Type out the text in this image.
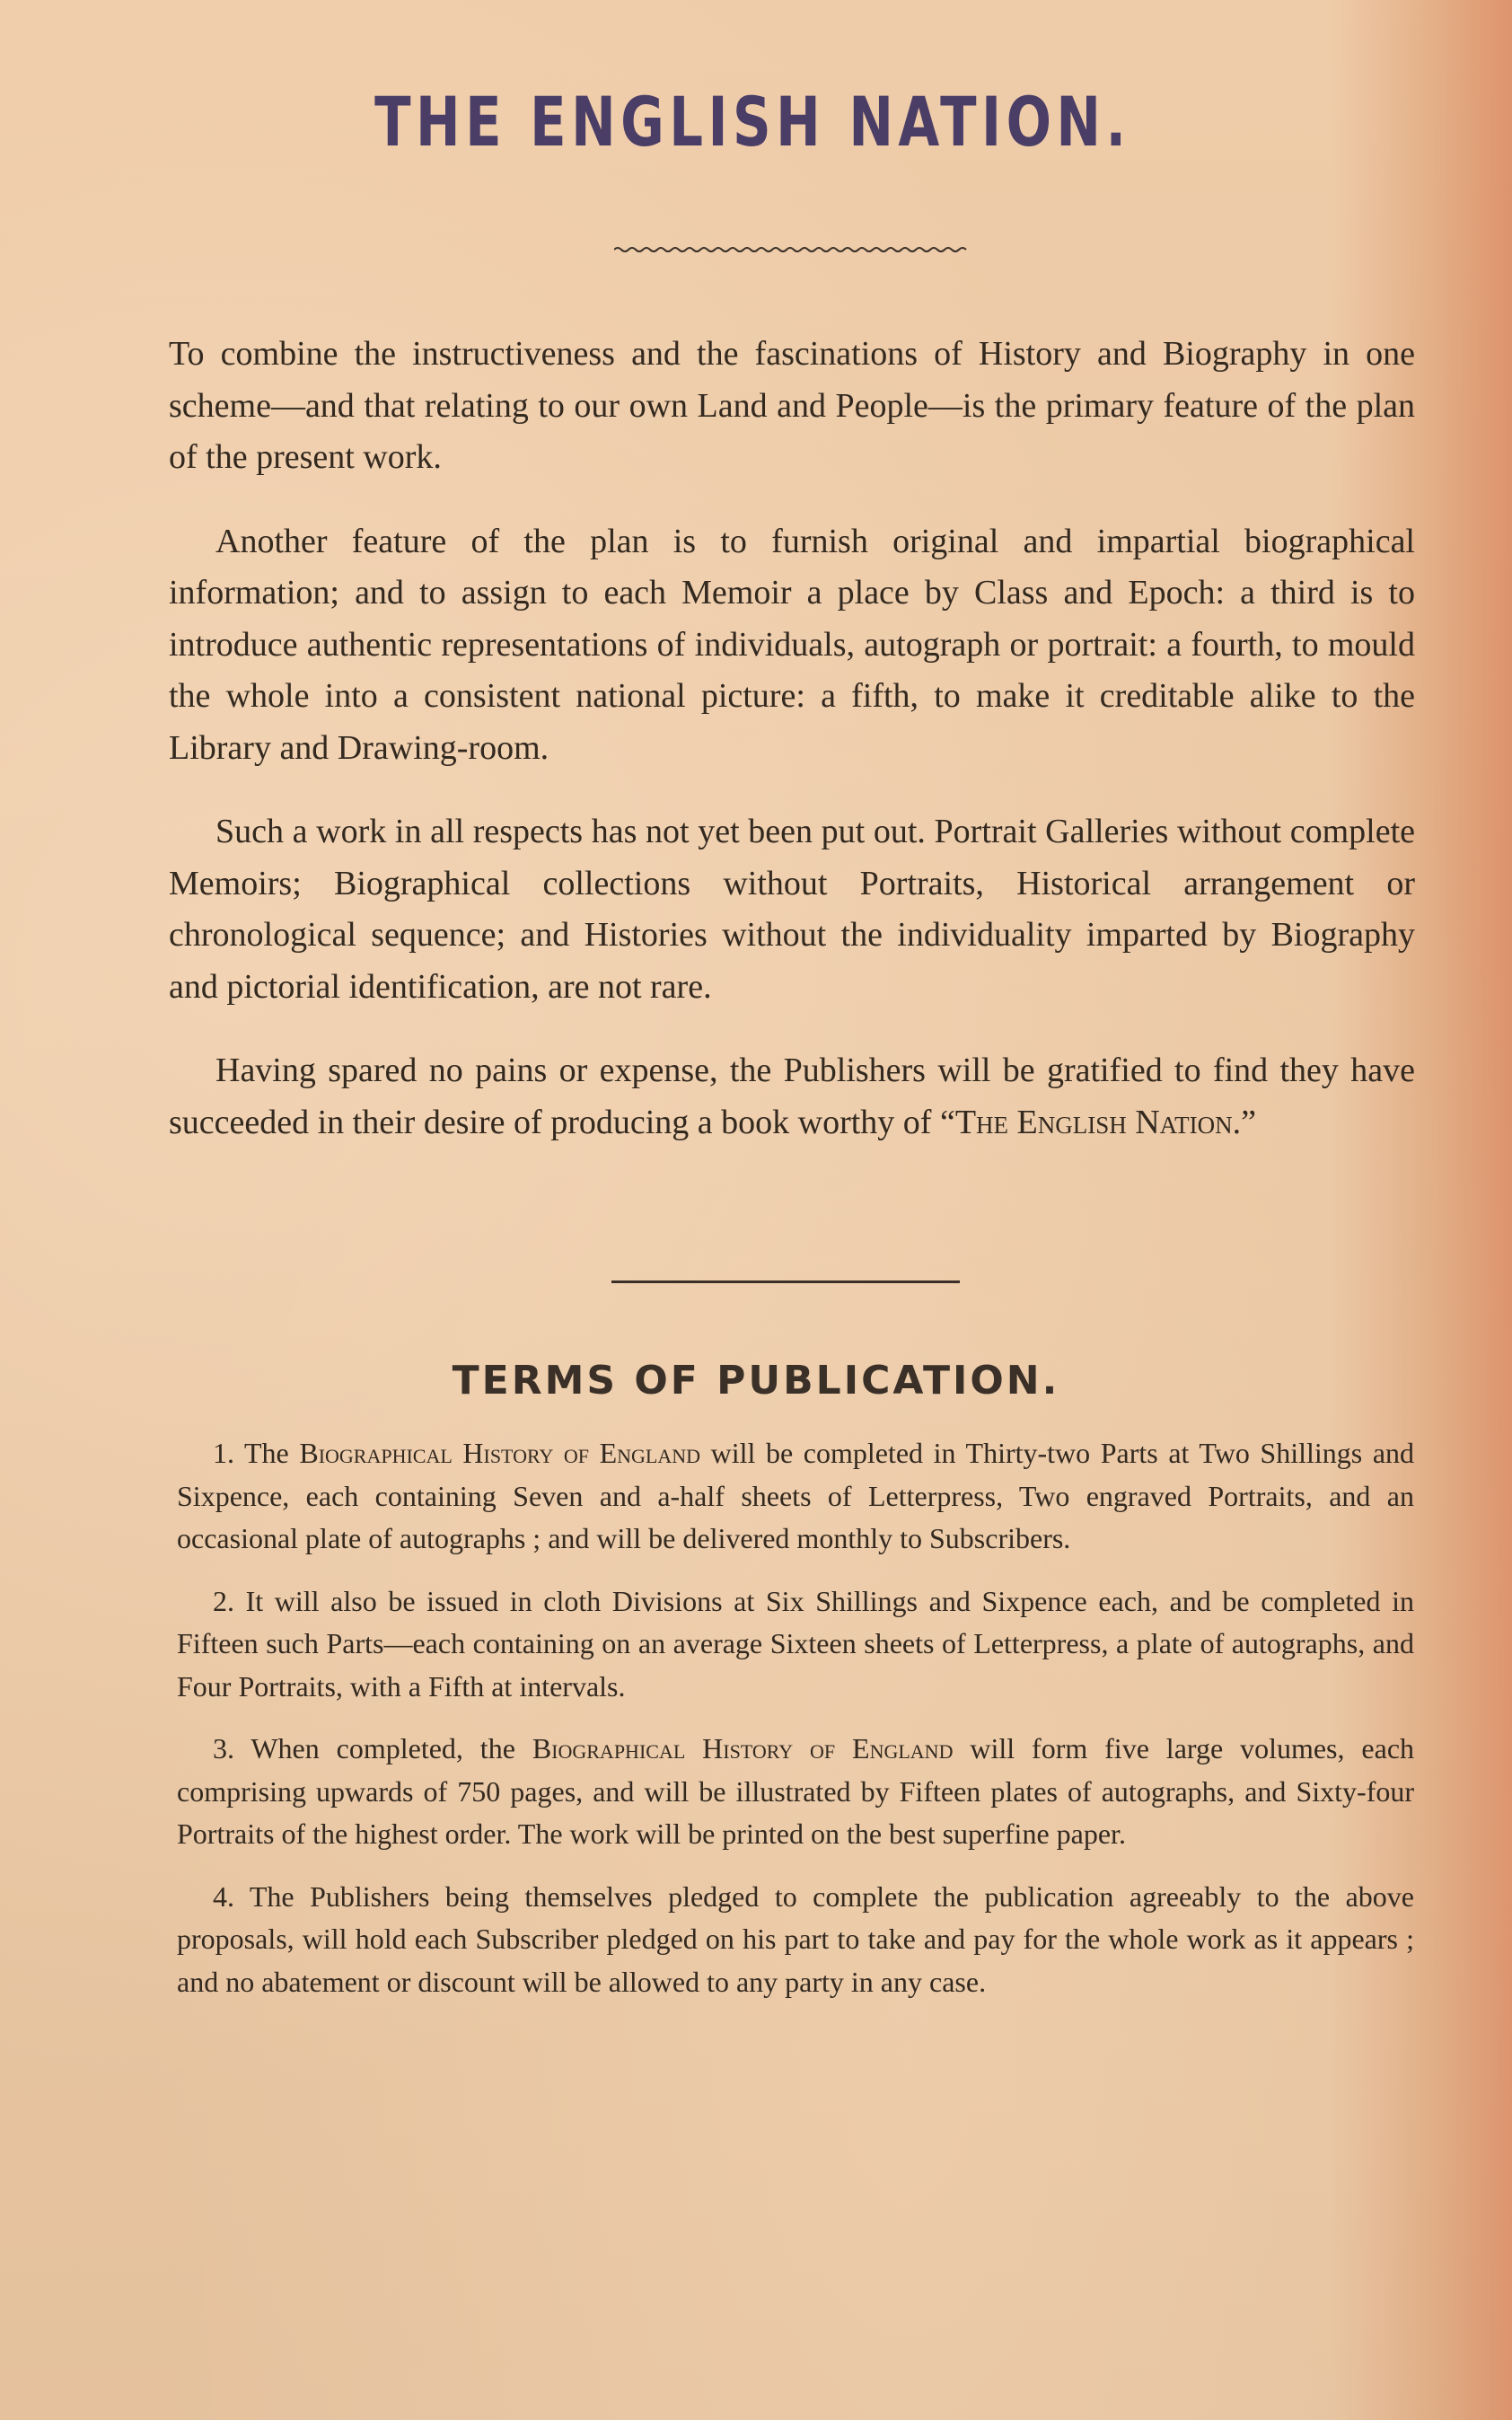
THE ENGLISH NATION.

To combine the instructiveness and the fascinations of History and Biography in one scheme—and that relating to our own Land and People—is the primary feature of the plan of the present work.

Another feature of the plan is to furnish original and impartial biographical information; and to assign to each Memoir a place by Class and Epoch: a third is to introduce authentic representations of individuals, autograph or portrait: a fourth, to mould the whole into a consistent national picture: a fifth, to make it creditable alike to the Library and Drawing-room.

Such a work in all respects has not yet been put out. Portrait Galleries without complete Memoirs; Biographical collections without Portraits, Historical arrangement or chronological sequence; and Histories without the individuality imparted by Biography and pictorial identification, are not rare.

Having spared no pains or expense, the Publishers will be gratified to find they have succeeded in their desire of producing a book worthy of “The English Nation.”

TERMS OF PUBLICATION.

1. The Biographical History of England will be completed in Thirty-two Parts at Two Shillings and Sixpence, each containing Seven and a-half sheets of Letterpress, Two engraved Portraits, and an occasional plate of autographs ; and will be delivered monthly to Subscribers.

2. It will also be issued in cloth Divisions at Six Shillings and Sixpence each, and be completed in Fifteen such Parts—each containing on an average Sixteen sheets of Letterpress, a plate of autographs, and Four Portraits, with a Fifth at intervals.

3. When completed, the Biographical History of England will form five large volumes, each comprising upwards of 750 pages, and will be illustrated by Fifteen plates of autographs, and Sixty-four Portraits of the highest order. The work will be printed on the best superfine paper.

4. The Publishers being themselves pledged to complete the publication agreeably to the above proposals, will hold each Subscriber pledged on his part to take and pay for the whole work as it appears ; and no abatement or discount will be allowed to any party in any case.
